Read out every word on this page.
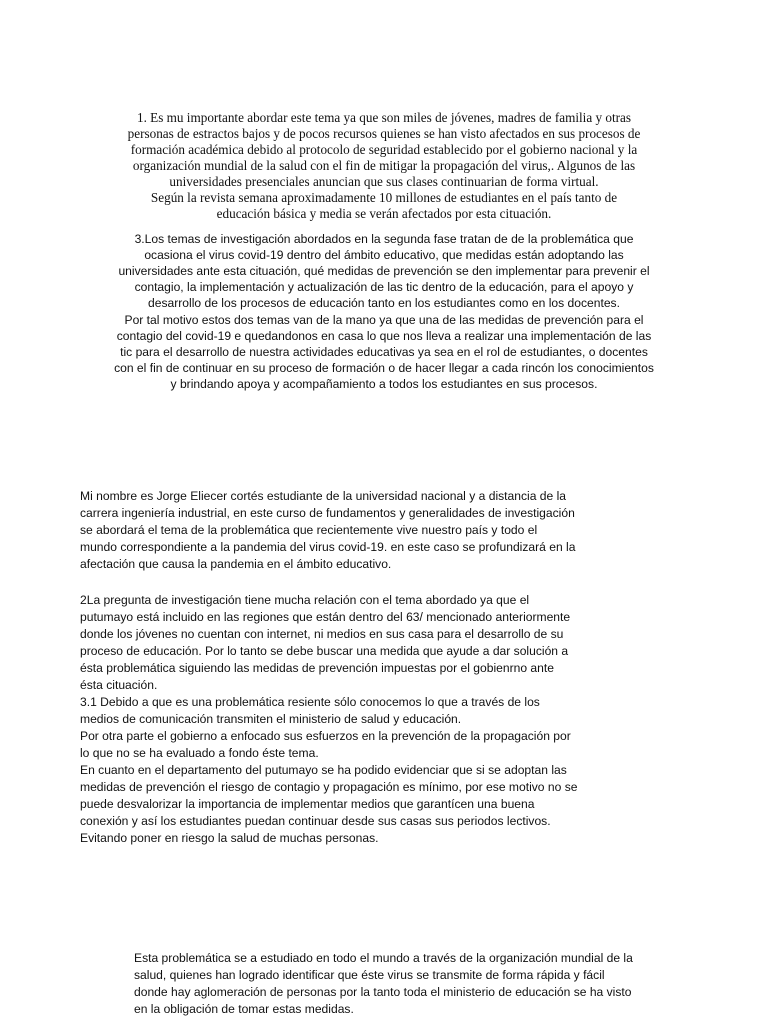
1. Es mu importante abordar este tema ya que son miles de jóvenes, madres de familia y otras
personas de estractos bajos y de pocos recursos quienes se han visto afectados en sus procesos de
formación académica debido al protocolo de seguridad establecido por el gobierno nacional y la
organización mundial de la salud con el fin de mitigar la propagación del virus,. Algunos de las
universidades presenciales anuncian que sus clases continuarian de forma virtual.
Según la revista semana aproximadamente 10 millones de estudiantes en el país tanto de
educación básica y media se verán afectados por esta cituación.

3.Los temas de investigación abordados en la segunda fase tratan de de la problemática que
ocasiona el virus covid-19 dentro del ámbito educativo, que medidas están adoptando las
universidades ante esta cituación, qué medidas de prevención se den implementar para prevenir el
contagio, la implementación y actualización de las tic dentro de la educación, para el apoyo y
desarrollo de los procesos de educación tanto en los estudiantes como en los docentes.

Por tal motivo estos dos temas van de la mano ya que una de las medidas de prevención para el
contagio del covid-19 e quedandonos en casa lo que nos lleva a realizar una implementación de las
tic para el desarrollo de nuestra actividades educativas ya sea en el rol de estudiantes, o docentes
con el fin de continuar en su proceso de formación o de hacer llegar a cada rincón los conocimientos
y brindando apoya y acompañamiento a todos los estudiantes en sus procesos.

Mi nombre es Jorge Eliecer cortés estudiante de la universidad nacional y a distancia de la
carrera ingeniería industrial, en este curso de fundamentos y generalidades de investigación
se abordará el tema de la problemática que recientemente vive nuestro país y todo el
mundo correspondiente a la pandemia del virus covid-19. en este caso se profundizará en la
afectación que causa la pandemia en el ámbito educativo.

2La pregunta de investigación tiene mucha relación con el tema abordado ya que el
putumayo está incluido en las regiones que están dentro del 63/ mencionado anteriormente
donde los jóvenes no cuentan con internet, ni medios en sus casa para el desarrollo de su
proceso de educación. Por lo tanto se debe buscar una medida que ayude a dar solución a
ésta problemática siguiendo las medidas de prevención impuestas por el gobienrno ante
ésta cituación.
3.1 Debido a que es una problemática resiente sólo conocemos lo que a través de los
medios de comunicación transmiten el ministerio de salud y educación.
Por otra parte el gobierno a enfocado sus esfuerzos en la prevención de la propagación por
lo que no se ha evaluado a fondo éste tema.
En cuanto en el departamento del putumayo se ha podido evidenciar que si se adoptan las
medidas de prevención el riesgo de contagio y propagación es mínimo, por ese motivo no se
puede desvalorizar la importancia de implementar medios que garantícen una buena
conexión y así los estudiantes puedan continuar desde sus casas sus periodos lectivos.
Evitando poner en riesgo la salud de muchas personas.

Esta problemática se a estudiado en todo el mundo a través de la organización mundial de la
salud, quienes han logrado identificar que éste virus se transmite de forma rápida y fácil
donde hay aglomeración de personas por la tanto toda el ministerio de educación se ha visto
en la obligación de tomar estas medidas.
